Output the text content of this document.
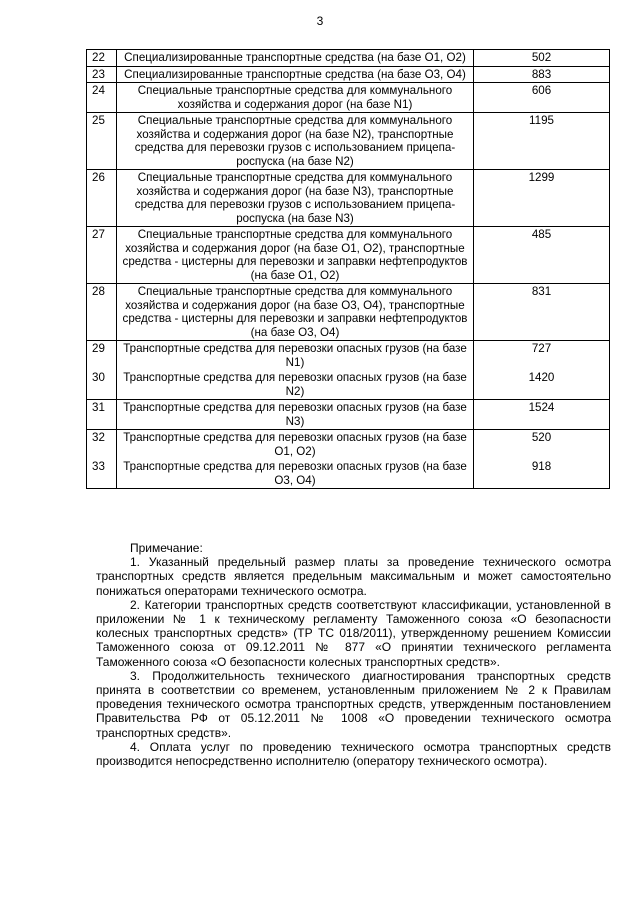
3
22	Специализированные транспортные средства (на базе О1, О2)	502
23	Специализированные транспортные средства (на базе О3, О4)	883
24	Специальные транспортные средства для коммунального хозяйства и содержания дорог (на базе N1)	606
25	Специальные транспортные средства для коммунального хозяйства и содержания дорог (на базе N2), транспортные средства для перевозки грузов с использованием прицепа-роспуска (на базе N2)	1195
26	Специальные транспортные средства для коммунального хозяйства и содержания дорог (на базе N3), транспортные средства для перевозки грузов с использованием прицепа-роспуска (на базе N3)	1299
27	Специальные транспортные средства для коммунального хозяйства и содержания дорог (на базе О1, О2), транспортные средства - цистерны для перевозки и заправки нефтепродуктов (на базе О1, О2)	485
28	Специальные транспортные средства для коммунального хозяйства и содержания дорог (на базе О3, О4), транспортные средства - цистерны для перевозки и заправки нефтепродуктов (на базе О3, О4)	831
29	Транспортные средства для перевозки опасных грузов (на базе N1)	727
30	Транспортные средства для перевозки опасных грузов (на базе N2)	1420
31	Транспортные средства для перевозки опасных грузов (на базе N3)	1524
32	Транспортные средства для перевозки опасных грузов (на базе О1, О2)	520
33	Транспортные средства для перевозки опасных грузов (на базе О3, О4)	918
Примечание:

1. Указанный предельный размер платы за проведение технического осмотра транспортных средств является предельным максимальным и может самостоятельно понижаться операторами технического осмотра.

2. Категории транспортных средств соответствуют классификации, установленной в приложении № 1 к техническому регламенту Таможенного союза «О безопасности колесных транспортных средств» (ТР ТС 018/2011), утвержденному решением Комиссии Таможенного союза от 09.12.2011 № 877 «О принятии технического регламента Таможенного союза «О безопасности колесных транспортных средств».

3. Продолжительность технического диагностирования транспортных средств принята в соответствии со временем, установленным приложением № 2 к Правилам проведения технического осмотра транспортных средств, утвержденным постановлением Правительства РФ от 05.12.2011 № 1008 «О проведении технического осмотра транспортных средств».

4. Оплата услуг по проведению технического осмотра транспортных средств производится непосредственно исполнителю (оператору технического осмотра).
